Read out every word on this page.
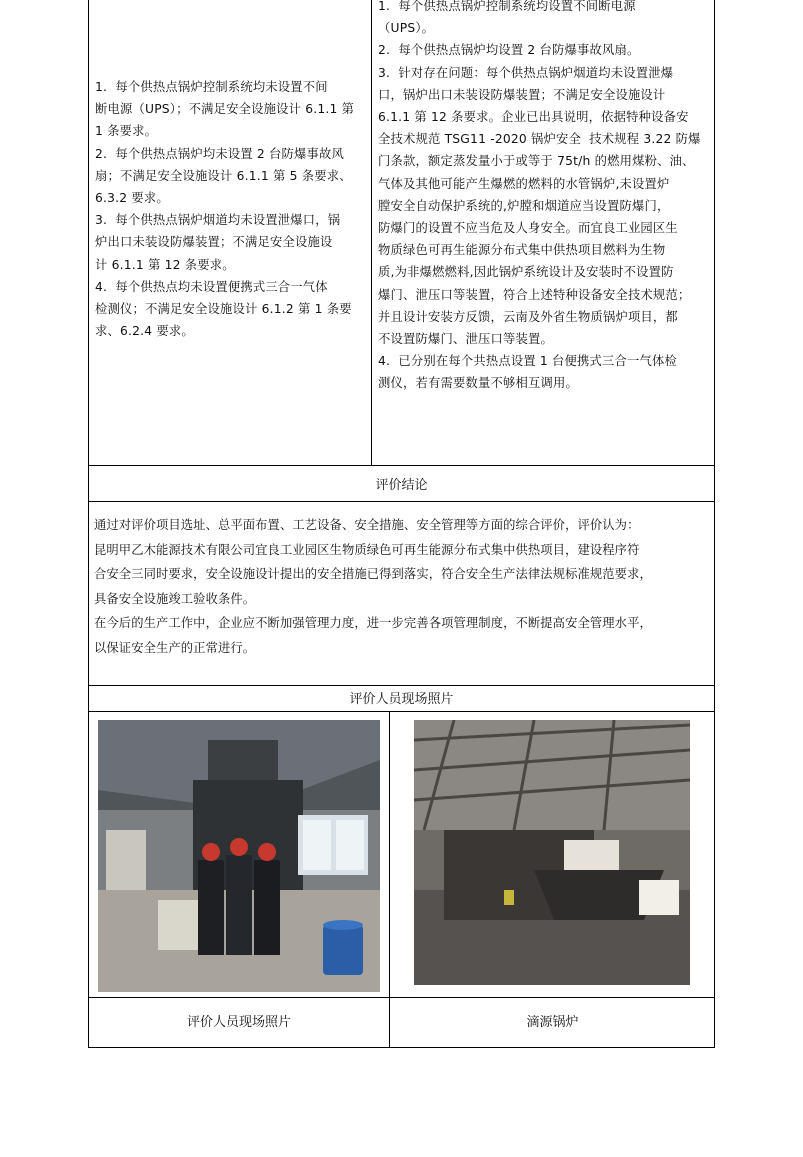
1.  每个供热点锅炉控制系统均未设置不间
断电源（UPS）；不满足安全设施设计 6.1.1 第
1 条要求。
2.  每个供热点锅炉均未设置 2 台防爆事故风
扇；不满足安全设施设计 6.1.1 第 5 条要求、
6.3.2 要求。
3.  每个供热点锅炉烟道均未设置泄爆口，锅
炉出口未装设防爆装置；不满足安全设施设
计 6.1.1 第 12 条要求。
4.  每个供热点均未设置便携式三合一气体
检测仪；不满足安全设施设计 6.1.2 第 1 条要
求、6.2.4 要求。
1.  每个供热点锅炉控制系统均设置不间断电源
（UPS）。
2.  每个供热点锅炉均设置 2 台防爆事故风扇。
3.  针对存在问题：每个供热点锅炉烟道均未设置泄爆
口，锅炉出口未装设防爆装置；不满足安全设施设计
6.1.1 第 12 条要求。企业已出具说明，依据特种设备安
全技术规范 TSG11 -2020 锅炉安全  技术规程 3.22 防爆
门条款，额定蒸发量小于或等于 75t/h 的燃用煤粉、油、
气体及其他可能产生爆燃的燃料的水管锅炉,未设置炉
膛安全自动保护系统的,炉膛和烟道应当设置防爆门，
防爆门的设置不应当危及人身安全。而宜良工业园区生
物质绿色可再生能源分布式集中供热项目燃料为生物
质,为非爆燃燃料,因此锅炉系统设计及安装时不设置防
爆门、泄压口等装置，符合上述特种设备安全技术规范；
并且设计安装方反馈，云南及外省生物质锅炉项目，都
不设置防爆门、泄压口等装置。
4.  已分别在每个共热点设置 1 台便携式三合一气体检
测仪，若有需要数量不够相互调用。
评价结论
通过对评价项目选址、总平面布置、工艺设备、安全措施、安全管理等方面的综合评价，评价认为：
昆明甲乙木能源技术有限公司宜良工业园区生物质绿色可再生能源分布式集中供热项目，建设程序符
合安全三同时要求，安全设施设计提出的安全措施已得到落实，符合安全生产法律法规标准规范要求，
具备安全设施竣工验收条件。
在今后的生产工作中，企业应不断加强管理力度，进一步完善各项管理制度，不断提高安全管理水平，
以保证安全生产的正常进行。
评价人员现场照片
评价人员现场照片	滴源锅炉
